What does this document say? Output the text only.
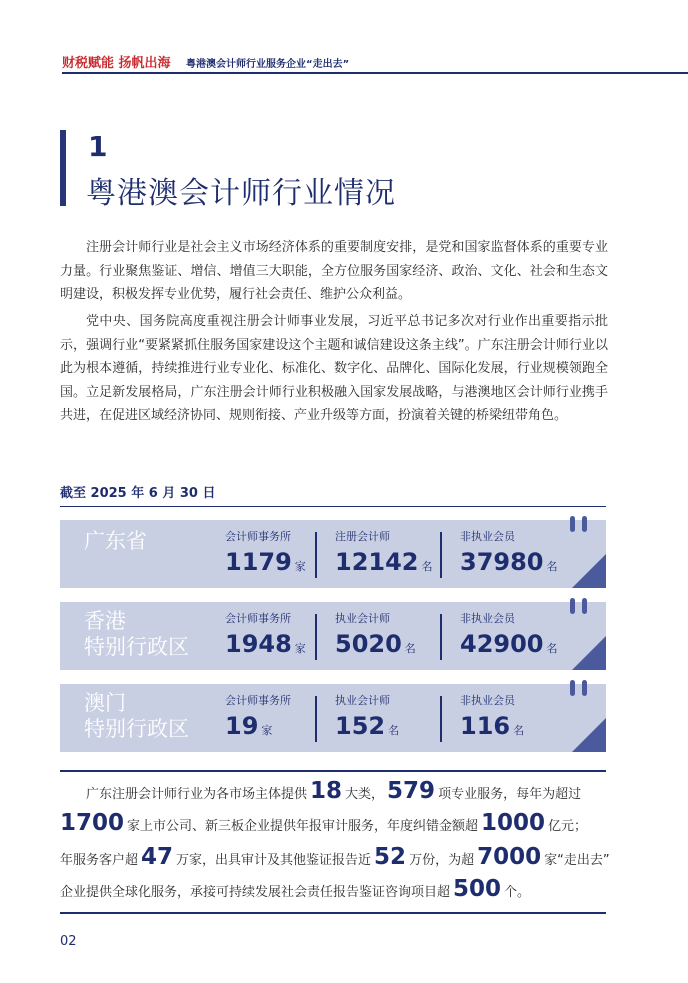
财税赋能 扬帆出海 粤港澳会计师行业服务企业“走出去”
1
粤港澳会计师行业情况

注册会计师行业是社会主义市场经济体系的重要制度安排，是党和国家监督体系的重要专业力量。行业聚焦鉴证、增信、增值三大职能，全方位服务国家经济、政治、文化、社会和生态文明建设，积极发挥专业优势，履行社会责任、维护公众利益。

党中央、国务院高度重视注册会计师事业发展，习近平总书记多次对行业作出重要指示批示，强调行业“要紧紧抓住服务国家建设这个主题和诚信建设这条主线”。广东注册会计师行业以此为根本遵循，持续推进行业专业化、标准化、数字化、品牌化、国际化发展，行业规模领跑全国。立足新发展格局，广东注册会计师行业积极融入国家发展战略，与港澳地区会计师行业携手共进，在促进区域经济协同、规则衔接、产业升级等方面，扮演着关键的桥梁纽带角色。

截至 2025 年 6 月 30 日
广东省	会计师事务所
1179 家
注册会计师
12142 名
非执业会员
37980 名
香港
特别行政区
会计师事务所
1948 家
执业会计师
5020 名
非执业会员
42900 名
澳门
特别行政区
会计师事务所
19 家
执业会计师
152 名
非执业会员
116 名
广东注册会计师行业为各市场主体提供 18 大类， 579 项专业服务，每年为超过
1700 家上市公司、新三板企业提供年报审计服务，年度纠错金额超 1000 亿元；
年服务客户超 47 万家，出具审计及其他鉴证报告近 52 万份，为超 7000 家“走出去”
企业提供全球化服务，承接可持续发展社会责任报告鉴证咨询项目超 500 个。
02
